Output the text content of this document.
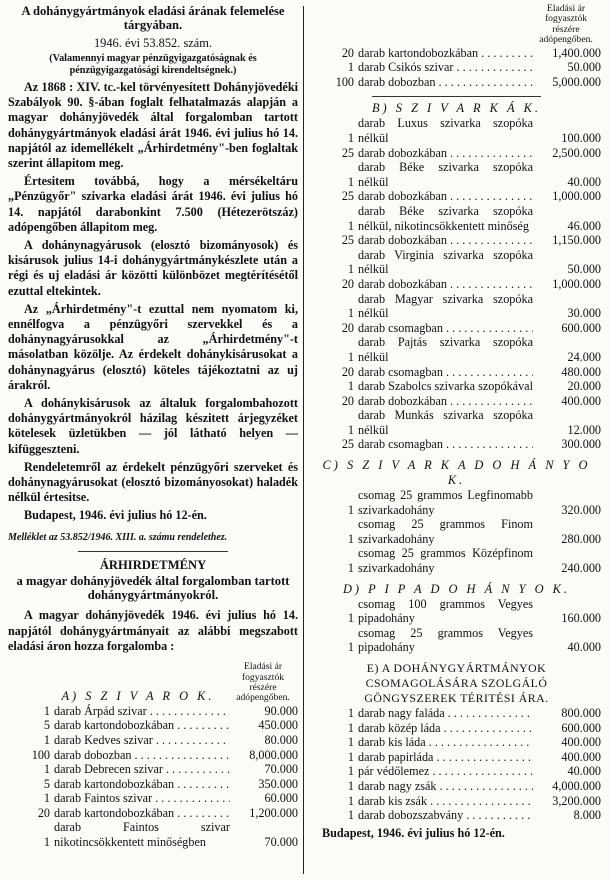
A dohánygyártmányok eladási árának felemelése tárgyában.

1946. évi 53.852. szám.

(Valamennyi magyar pénzügyigazgatóságnak és pénzügyigazgatósági kirendeltségnek.)

Az 1868 : XIV. tc.-kel törvényesített Dohányjövedéki Szabályok 90. §-ában foglalt felhatalmazás alapján a magyar dohányjövedék által forgalomban tartott dohánygyártmányok eladási árát 1946. évi julius hó 14. napjától az idemellékelt „Árhirdetmény"-ben foglaltak szerint állapitom meg.

Értesitem továbbá, hogy a mérsékeltáru „Pénzügyőr" szivarka eladási árát 1946. évi julius hó 14. napjától darabonkint 7.500 (Hétezerötszáz) adópengőben állapitom meg.

A dohánynagyárusok (elosztó bizományosok) és kisárusok julius 14-i dohánygyártmánykészlete után a régi és uj eladási ár közötti különbözet megtérítésétől ezuttal eltekintek.

Az „Árhirdetmény"-t ezuttal nem nyomatom ki, ennélfogva a pénzügyőri szervekkel és a dohánynagyárusokkal az „Árhirdetmény"-t másolatban közölje. Az érdekelt dohánykisárusokat a dohánynagyárus (elosztó) köteles tájékoztatni az uj árakról.

A dohánykisárusok az általuk forgalombahozott dohánygyártmányokról házilag készitett árjegyzéket kötelesek üzletükben — jól látható helyen — kifüggeszteni.

Rendeletemről az érdekelt pénzügyőri szerveket és dohánynagyárusokat (elosztó bizományosokat) haladék nélkül értesitse.

Budapest, 1946. évi julius hó 12-én.

Melléklet az 53.852/1946. XIII. a. számu rendelethez.

ÁRHIRDETMÉNY

a magyar dohányjövedék által forgalomban tartott dohánygyártmányokról.

A magyar dohányjövedék 1946. évi julius hó 14. napjától dohánygyártmányait az alábbi megszabott eladási áron hozza forgalomba :

A) S Z I V A R O K.
Eladási ár fogyasztók részére adópengőben.
1 darab Árpád szivar . . .	90.000
5 darab kartondobozkában . . .	450.000
1 darab Kedves szivar . . .	80.000
100 darab dobozban . . .	8,000.000
1 darab Debrecen szivar . . .	70.000
5 darab kartondobozkában . . .	350.000
1 darab Faintos szivar . . .	60.000
20 darab kartondobozkában . . .	1,200.000
1
darab Faintos szivar nikotincsökkentett minőségben	70.000
Eladási ár fogyasztók részére adópengőben.
20 darab kartondobozkában . . .	1,400.000
1 darab Csikós szivar . . .	50.000
100 darab dobozban . . .	5,000.000
B) S Z I V A R K Á K.
1
darab Luxus szivarka szopóka nélkül	100.000
25 darab dobozkában . . .	2,500.000
1
darab Béke szivarka szopóka nélkül	40.000
25 darab dobozkában . . .	1,000.000
1
darab Béke szivarka szopóka nélkül, nikotincsökkentett minőség	46.000
25 darab dobozkában . . .	1,150.000
1
darab Virginia szivarka szopóka nélkül	50.000
20 darab dobozkában . . .	1,000.000
1
darab Magyar szivarka szopóka nélkül	30.000
20 darab csomagban . . .	600.000
1
darab Pajtás szivarka szopóka nélkül	24.000
20 darab csomagban . . .	480.000
1 darab Szabolcs szivarka szopókával	20.000
20 darab dobozkában . . .	400.000
1
darab Munkás szivarka szopóka nélkül	12.000
25 darab csomagban . . .	300.000
C) S Z I V A R K A D O H Á N Y O K.
1
csomag 25 grammos Legfinomabb szivarkadohány	320.000
1
csomag 25 grammos Finom szivarkadohány	280.000
1
csomag 25 grammos Középfinom szivarkadohány	240.000
D) P I P A D O H Á N Y O K.
1
csomag 100 grammos Vegyes pipadohány	160.000
1
csomag 25 grammos Vegyes pipadohány	40.000
E) A DOHÁNYGYÁRTMÁNYOK CSOMAGOLÁSÁRA SZOLGÁLÓ GÖNGYSZEREK TÉRITÉSI ÁRA.
1 darab nagy faláda . . .	800.000
1 darab közép láda . . .	600.000
1 darab kis láda . . .	400.000
1 darab papirláda . . .	400.000
1 pár védőlemez . . .	40.000
1 darab nagy zsák . . .	4,000.000
1 darab kis zsák . . .	3,200.000
1 darab dobozszabvány . . .	8.000

Budapest, 1946. évi julius hó 12-én.
